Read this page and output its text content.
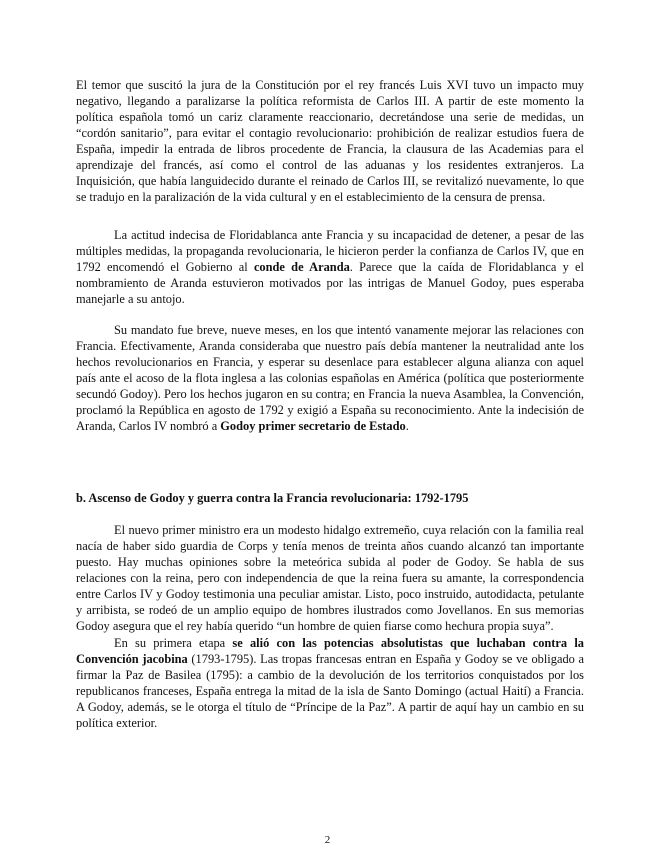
El temor que suscitó la jura de la Constitución por el rey francés Luis XVI tuvo un impacto muy negativo, llegando a paralizarse la política reformista de Carlos III. A partir de este momento la política española tomó un cariz claramente reaccionario, decretándose una serie de medidas, un “cordón sanitario”, para evitar el contagio revolucionario: prohibición de realizar estudios fuera de España, impedir la entrada de libros procedente de Francia, la clausura de las Academias para el aprendizaje del francés, así como el control de las aduanas y los residentes extranjeros. La Inquisición, que había languidecido durante el reinado de Carlos III, se revitalizó nuevamente, lo que se tradujo en la paralización de la vida cultural y en el establecimiento de la censura de prensa.

La actitud indecisa de Floridablanca ante Francia y su incapacidad de detener, a pesar de las múltiples medidas, la propaganda revolucionaria, le hicieron perder la confianza de Carlos IV, que en 1792 encomendó el Gobierno al conde de Aranda. Parece que la caída de Floridablanca y el nombramiento de Aranda estuvieron motivados por las intrigas de Manuel Godoy, pues esperaba manejarle a su antojo.

Su mandato fue breve, nueve meses, en los que intentó vanamente mejorar las relaciones con Francia. Efectivamente, Aranda consideraba que nuestro país debía mantener la neutralidad ante los hechos revolucionarios en Francia, y esperar su desenlace para establecer alguna alianza con aquel país ante el acoso de la flota inglesa a las colonias españolas en América (política que posteriormente secundó Godoy). Pero los hechos jugaron en su contra; en Francia la nueva Asamblea, la Convención, proclamó la República en agosto de 1792 y exigió a España su reconocimiento. Ante la indecisión de Aranda, Carlos IV nombró a Godoy primer secretario de Estado.

b. Ascenso de Godoy y guerra contra la Francia revolucionaria: 1792-1795

El nuevo primer ministro era un modesto hidalgo extremeño, cuya relación con la familia real nacía de haber sido guardia de Corps y tenía menos de treinta años cuando alcanzó tan importante puesto. Hay muchas opiniones sobre la meteórica subida al poder de Godoy. Se habla de sus relaciones con la reina, pero con independencia de que la reina fuera su amante, la correspondencia entre Carlos IV y Godoy testimonia una peculiar amistar. Listo, poco instruido, autodidacta, petulante y arribista, se rodeó de un amplio equipo de hombres ilustrados como Jovellanos. En sus memorias Godoy asegura que el rey había querido “un hombre de quien fiarse como hechura propia suya”.

En su primera etapa se alió con las potencias absolutistas que luchaban contra la Convención jacobina (1793-1795). Las tropas francesas entran en España y Godoy se ve obligado a firmar la Paz de Basilea (1795): a cambio de la devolución de los territorios conquistados por los republicanos franceses, España entrega la mitad de la isla de Santo Domingo (actual Haití) a Francia. A Godoy, además, se le otorga el título de “Príncipe de la Paz”. A partir de aquí hay un cambio en su política exterior.

2
